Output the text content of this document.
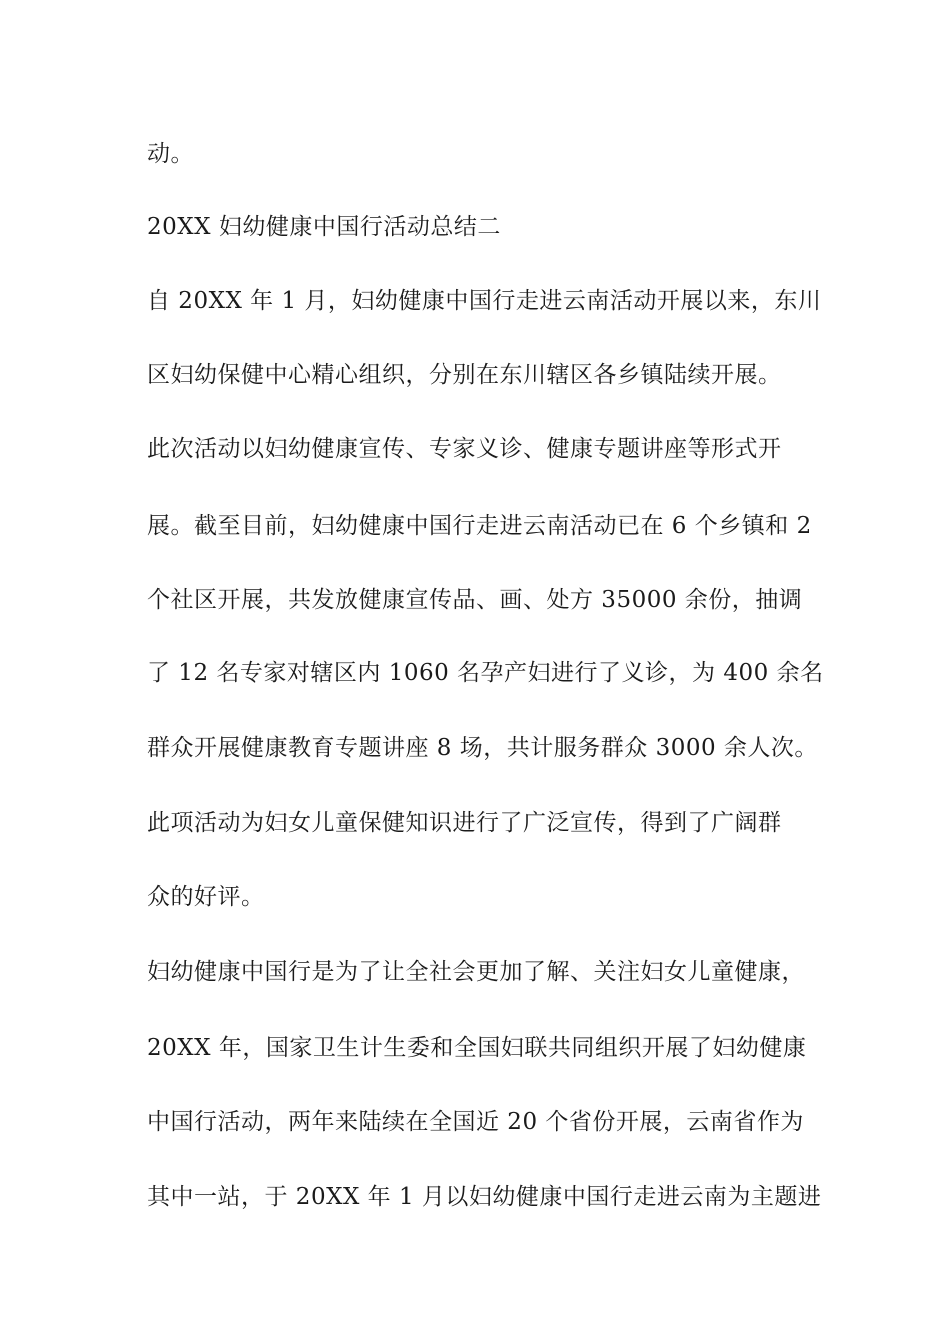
动。
20XX 妇幼健康中国行活动总结二
自 20XX 年 1 月，妇幼健康中国行走进云南活动开展以来，东川
区妇幼保健中心精心组织，分别在东川辖区各乡镇陆续开展。
此次活动以妇幼健康宣传、专家义诊、健康专题讲座等形式开
展。截至目前，妇幼健康中国行走进云南活动已在 6 个乡镇和 2
个社区开展，共发放健康宣传品、画、处方 35000 余份，抽调
了 12 名专家对辖区内 1060 名孕产妇进行了义诊，为 400 余名
群众开展健康教育专题讲座 8 场，共计服务群众 3000 余人次。
此项活动为妇女儿童保健知识进行了广泛宣传，得到了广阔群
众的好评。
妇幼健康中国行是为了让全社会更加了解、关注妇女儿童健康，
20XX 年，国家卫生计生委和全国妇联共同组织开展了妇幼健康
中国行活动，两年来陆续在全国近 20 个省份开展，云南省作为
其中一站，于 20XX 年 1 月以妇幼健康中国行走进云南为主题进
